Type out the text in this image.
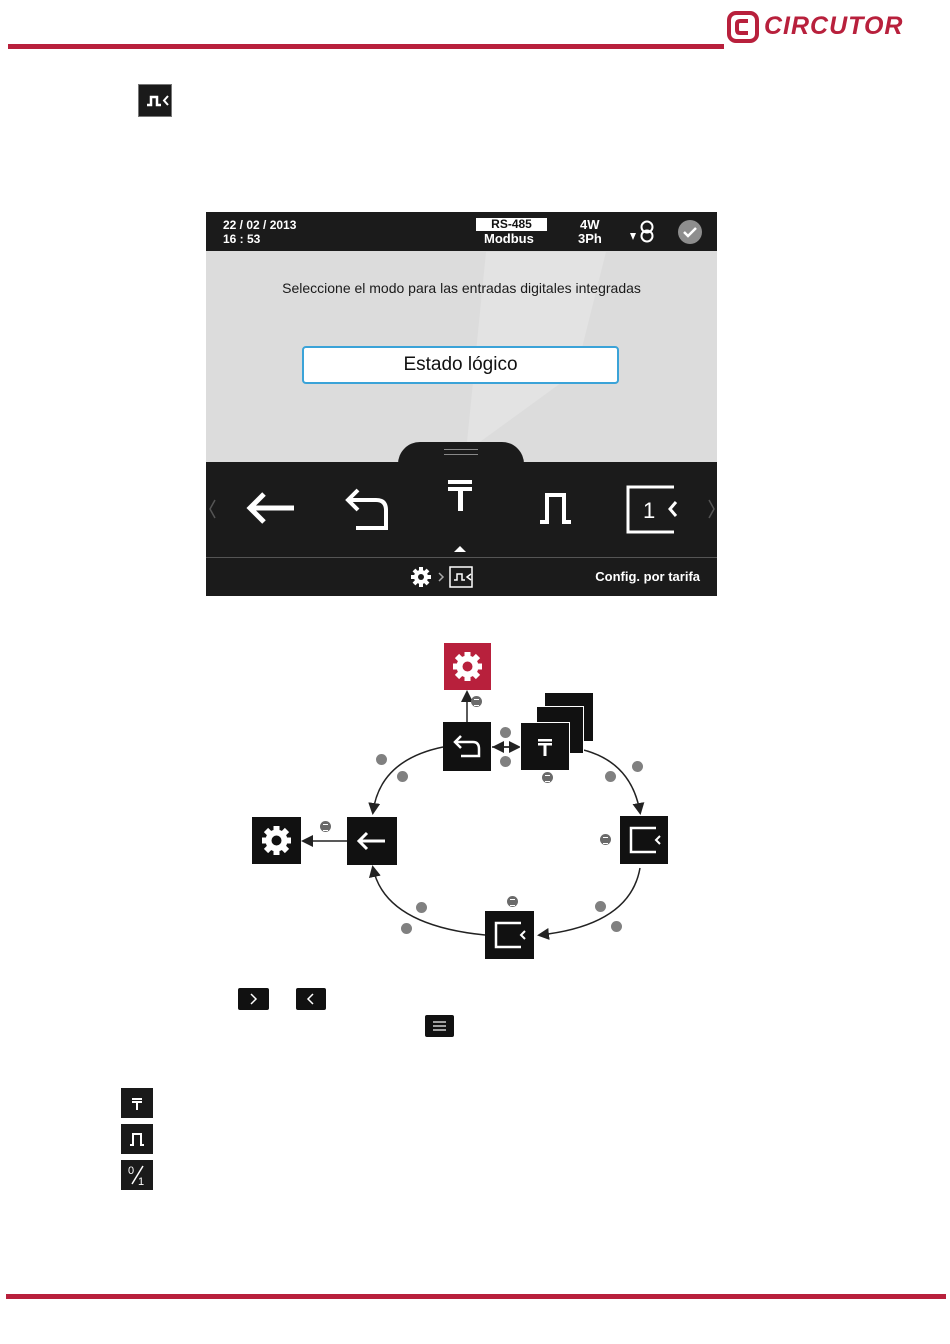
CIRCUTOR
22 / 02 / 2013
16 : 53
RS-485
Modbus
4W
3Ph
Seleccione el modo para las entradas digitales integradas
Estado lógico
1
Config. por tarifa
0
1
